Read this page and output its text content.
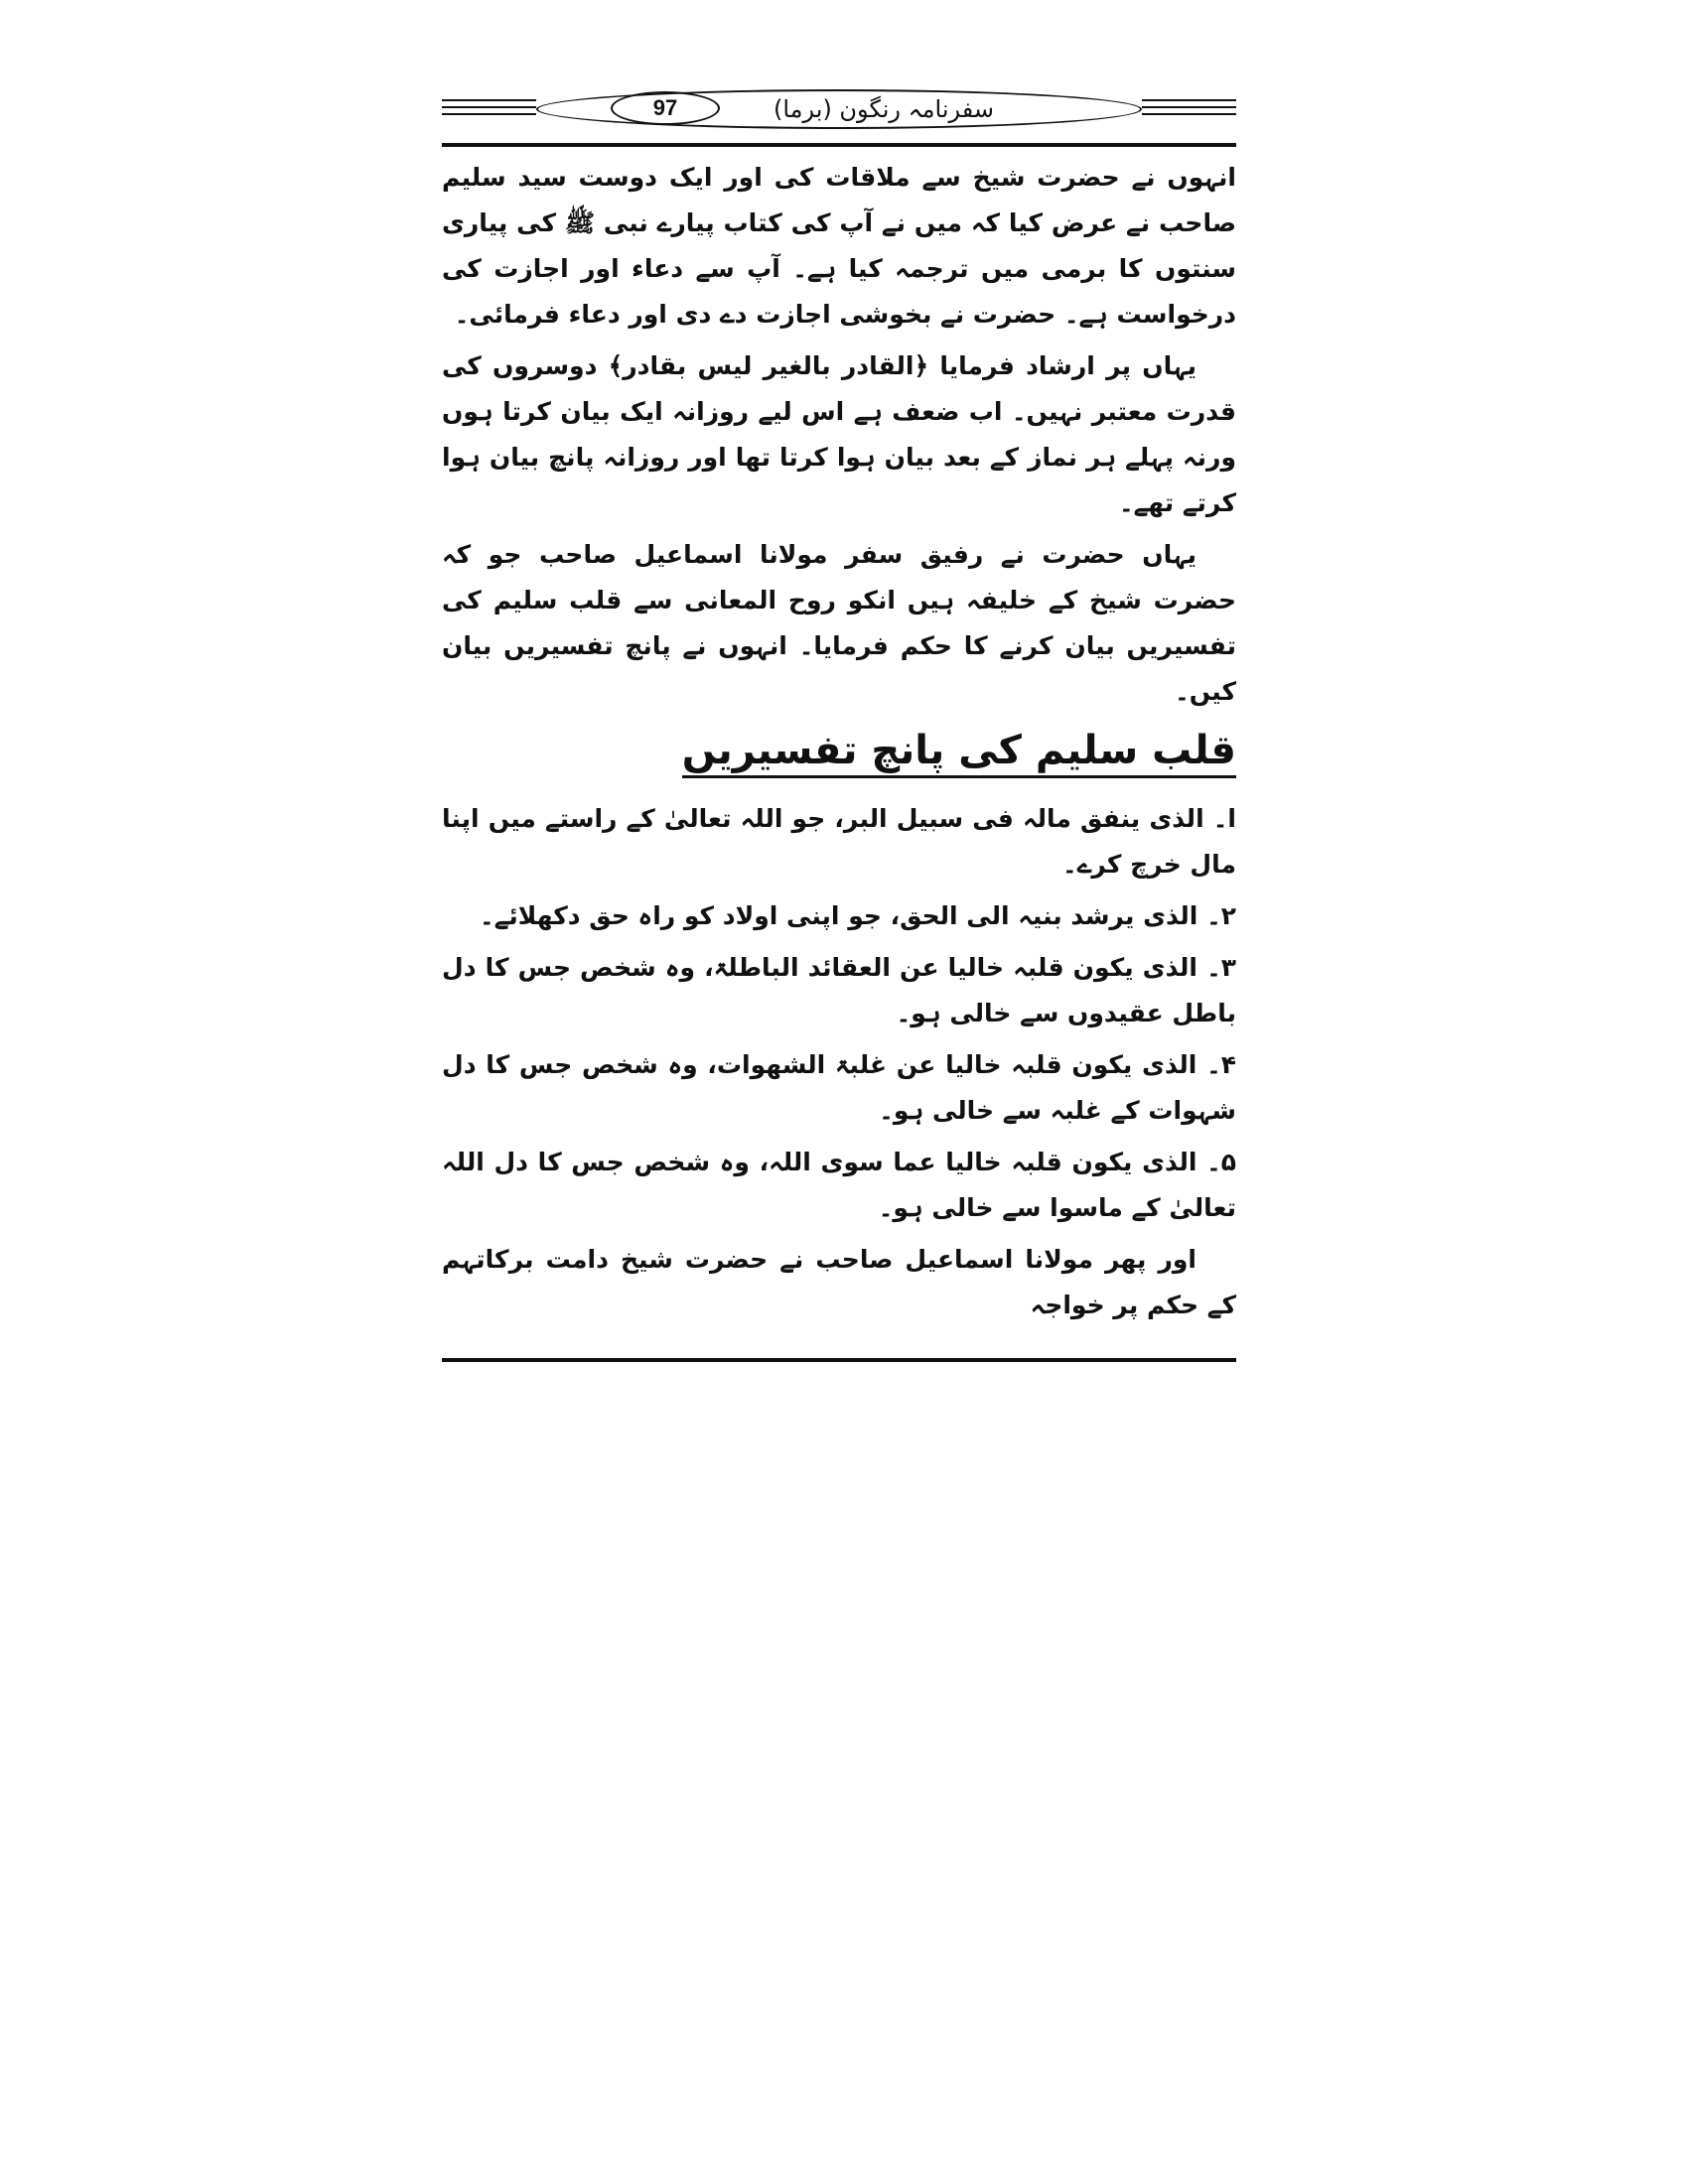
97	سفرنامہ رنگون (برما)

انہوں نے حضرت شیخ سے ملاقات کی اور ایک دوست سید سلیم صاحب نے عرض کیا کہ میں نے آپ کی کتاب پیارے نبی ﷺ کی پیاری سنتوں کا برمی میں ترجمہ کیا ہے۔ آپ سے دعاء اور اجازت کی درخواست ہے۔ حضرت نے بخوشی اجازت دے دی اور دعاء فرمائی۔

یہاں پر ارشاد فرمایا ﴿القادر بالغیر لیس بقادر﴾ دوسروں کی قدرت معتبر نہیں۔ اب ضعف ہے اس لیے روزانہ ایک بیان کرتا ہوں ورنہ پہلے ہر نماز کے بعد بیان ہوا کرتا تھا اور روزانہ پانچ بیان ہوا کرتے تھے۔

یہاں حضرت نے رفیق سفر مولانا اسماعیل صاحب جو کہ حضرت شیخ کے خلیفہ ہیں انکو روح المعانی سے قلب سلیم کی تفسیریں بیان کرنے کا حکم فرمایا۔ انہوں نے پانچ تفسیریں بیان کیں۔

قلب سلیم کی پانچ تفسیریں

ا۔ الذی ینفق مالہ فی سبیل البر، جو اللہ تعالیٰ کے راستے میں اپنا مال خرچ کرے۔

۲۔ الذی یرشد بنیہ الی الحق، جو اپنی اولاد کو راہ حق دکھلائے۔

۳۔ الذی یکون قلبہ خالیا عن العقائد الباطلۃ، وہ شخص جس کا دل باطل عقیدوں سے خالی ہو۔

۴۔ الذی یکون قلبہ خالیا عن غلبۃ الشھوات، وہ شخص جس کا دل شہوات کے غلبہ سے خالی ہو۔

۵۔ الذی یکون قلبہ خالیا عما سوی اللہ، وہ شخص جس کا دل اللہ تعالیٰ کے ماسوا سے خالی ہو۔

اور پھر مولانا اسماعیل صاحب نے حضرت شیخ دامت برکاتہم کے حکم پر خواجہ
